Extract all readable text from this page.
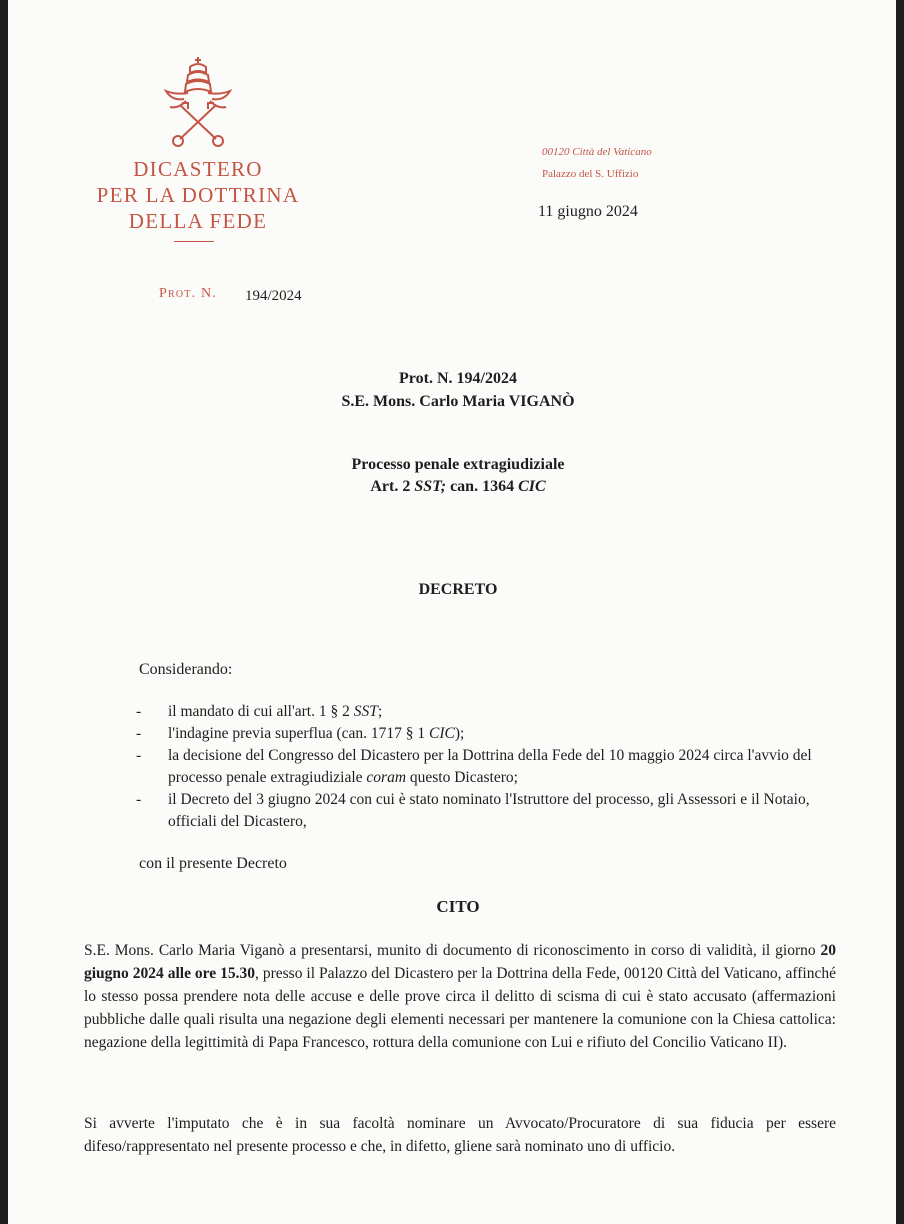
DICASTERO
PER LA DOTTRINA
DELLA FEDE
00120 Città del Vaticano
Palazzo del S. Uffizio
11 giugno 2024
Prot. N. 194/2024
Prot. N. 194/2024
S.E. Mons. Carlo Maria VIGANÒ
Processo penale extragiudiziale
Art. 2 SST; can. 1364 CIC
DECRETO
Considerando:
- il mandato di cui all'art. 1 § 2 SST;
- l'indagine previa superflua (can. 1717 § 1 CIC);
- la decisione del Congresso del Dicastero per la Dottrina della Fede del 10 maggio 2024 circa l'avvio del processo penale extragiudiziale coram questo Dicastero;
- il Decreto del 3 giugno 2024 con cui è stato nominato l'Istruttore del processo, gli Assessori e il Notaio, officiali del Dicastero,
con il presente Decreto
CITO

S.E. Mons. Carlo Maria Viganò a presentarsi, munito di documento di riconoscimento in corso di validità, il giorno 20 giugno 2024 alle ore 15.30, presso il Palazzo del Dicastero per la Dottrina della Fede, 00120 Città del Vaticano, affinché lo stesso possa prendere nota delle accuse e delle prove circa il delitto di scisma di cui è stato accusato (affermazioni pubbliche dalle quali risulta una negazione degli elementi necessari per mantenere la comunione con la Chiesa cattolica: negazione della legittimità di Papa Francesco, rottura della comunione con Lui e rifiuto del Concilio Vaticano II).

Si avverte l'imputato che è in sua facoltà nominare un Avvocato/Procuratore di sua fiducia per essere difeso/rappresentato nel presente processo e che, in difetto, gliene sarà nominato uno di ufficio.
